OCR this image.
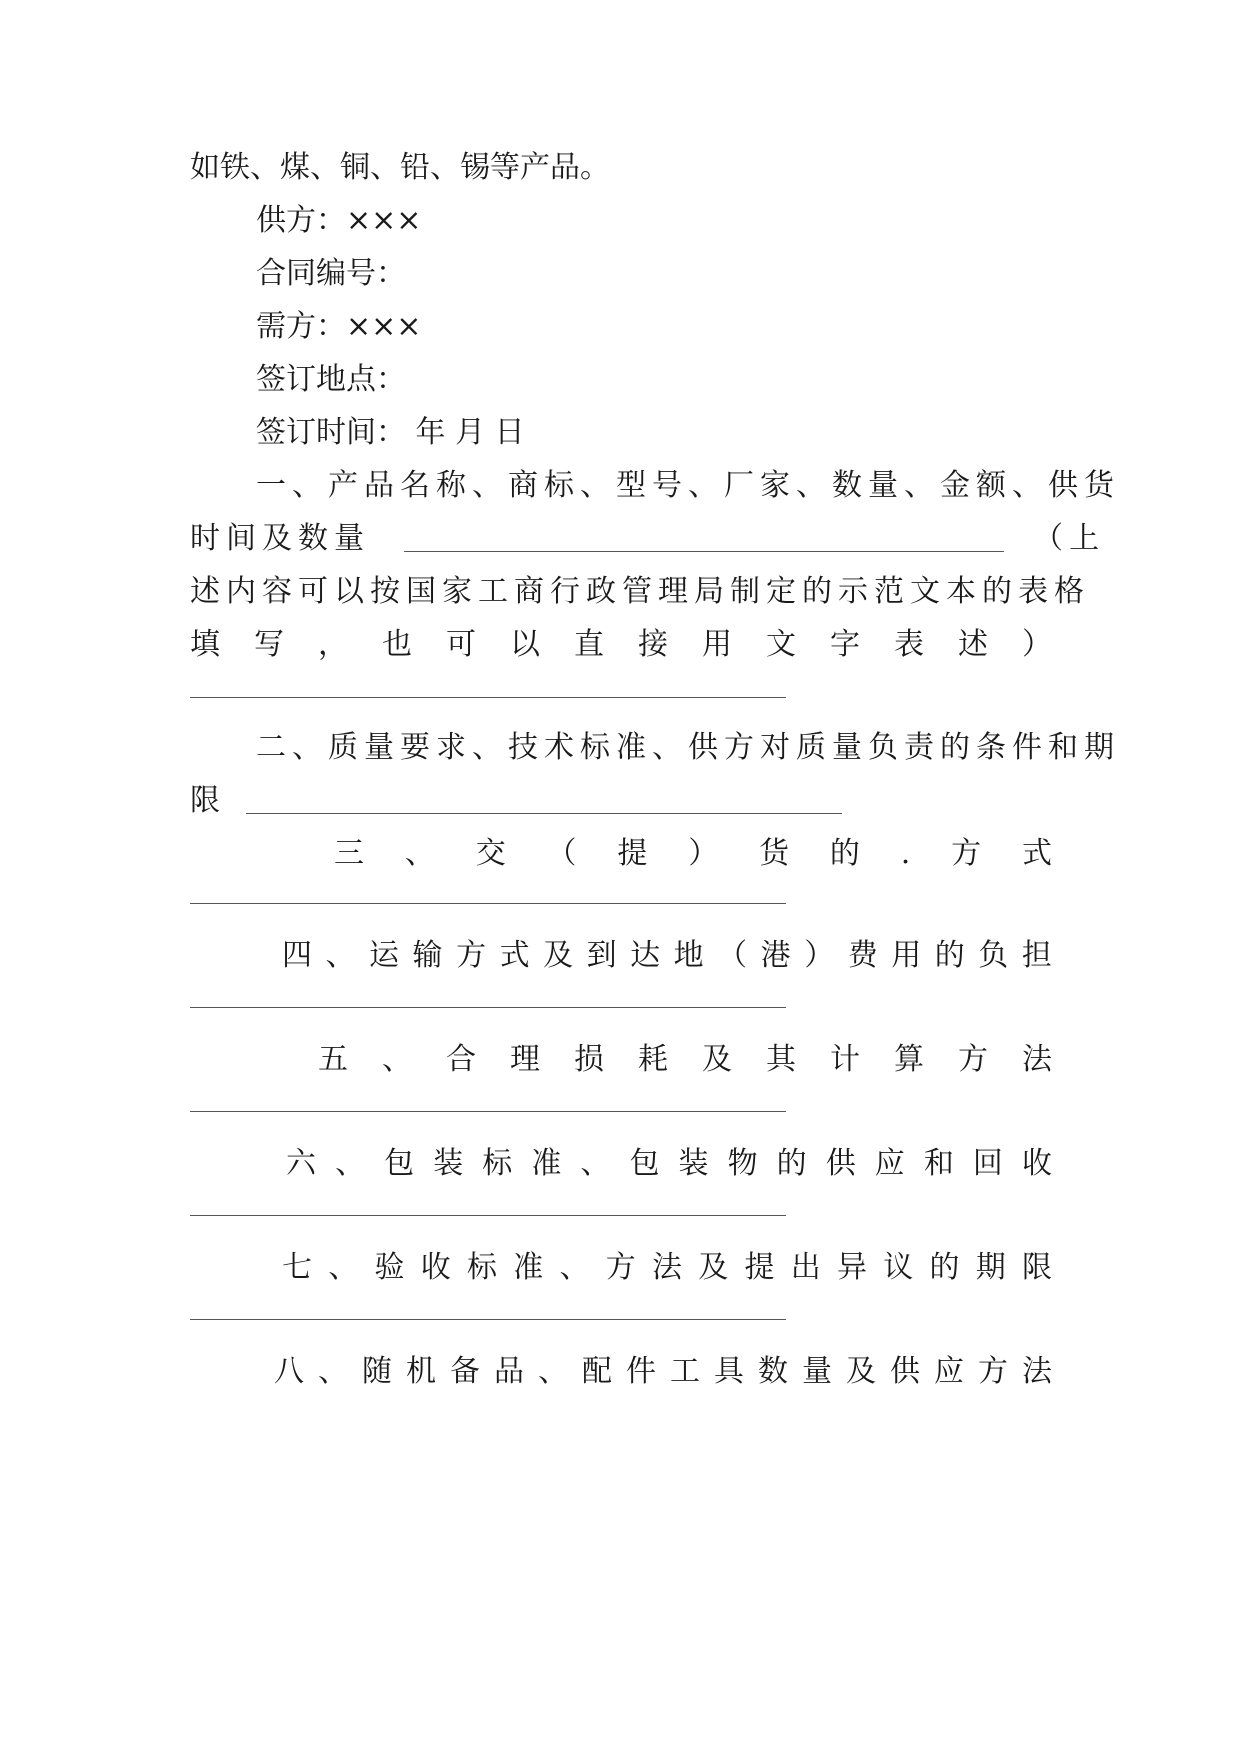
如铁、煤、铜、铅、锡等产品。
供方：×××
合同编号：
需方：×××
签订地点：
签订时间： 年 月 日
一、产品名称、商标、型号、厂家、数量、金额、供货
时间及数量	（上
述内容可以按国家工商行政管理局制定的示范文本的表格
填 写 ， 也 可 以 直 接 用 文 字 表 述 ）
二、质量要求、技术标准、供方对质量负责的条件和期
限
三 、 交 （ 提 ） 货 的 . 方 式
四 、 运 输 方 式 及 到 达 地 （ 港 ） 费 用 的 负 担
五 、 合 理 损 耗 及 其 计 算 方 法
六 、 包 装 标 准 、 包 装 物 的 供 应 和 回 收
七 、 验 收 标 准 、 方 法 及 提 出 异 议 的 期 限
八 、 随 机 备 品 、 配 件 工 具 数 量 及 供 应 方 法
